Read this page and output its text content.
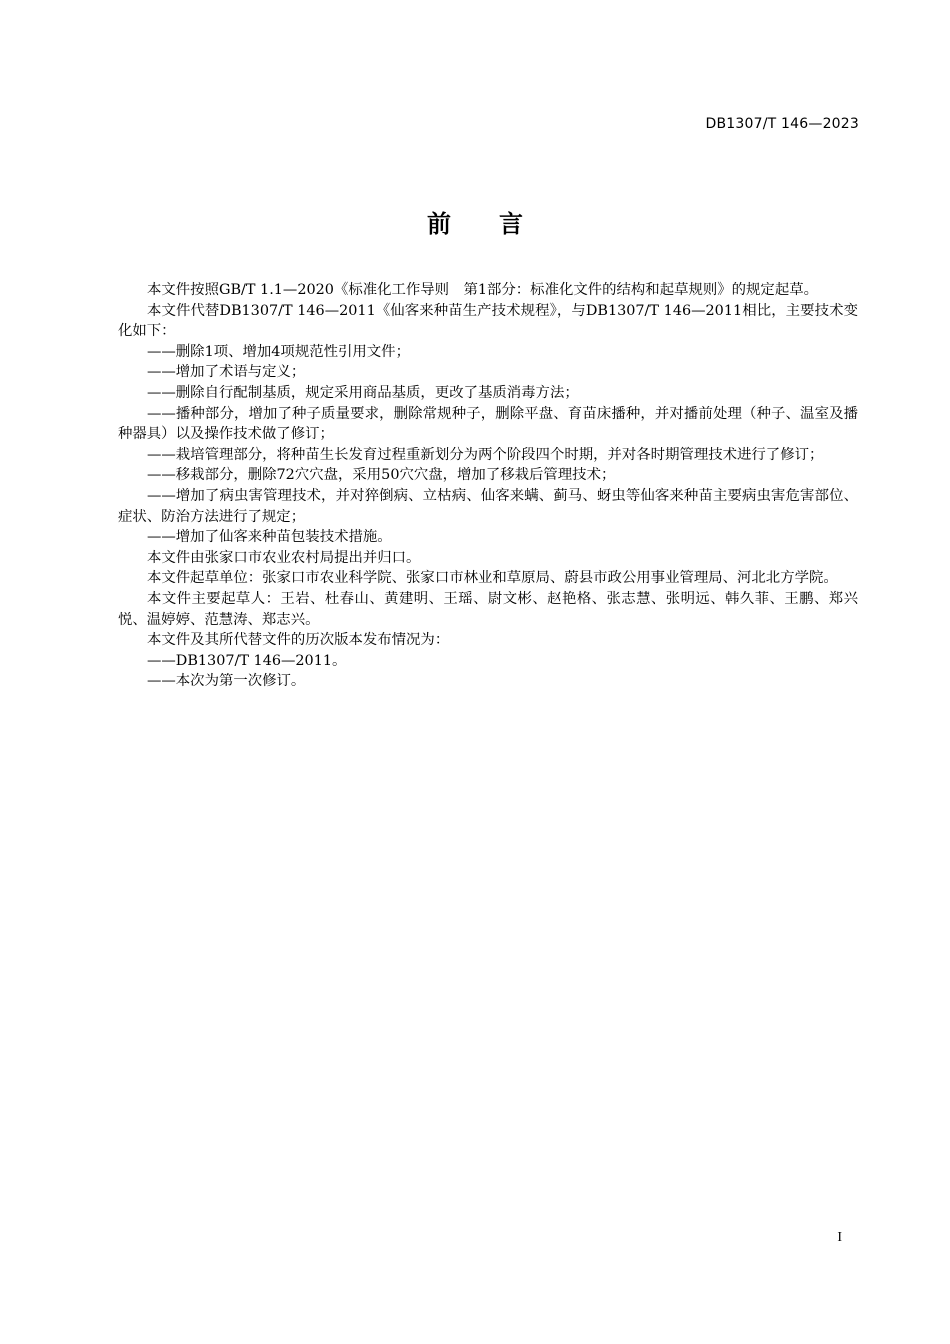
DB1307/T 146—2023
前言

本文件按照GB/T 1.1—2020《标准化工作导则　第1部分：标准化文件的结构和起草规则》的规定起草。

本文件代替DB1307/T 146—2011《仙客来种苗生产技术规程》，与DB1307/T 146—2011相比，主要技术变化如下：

——删除1项、增加4项规范性引用文件；

——增加了术语与定义；

——删除自行配制基质，规定采用商品基质，更改了基质消毒方法；

——播种部分，增加了种子质量要求，删除常规种子，删除平盘、育苗床播种，并对播前处理（种子、温室及播种器具）以及操作技术做了修订；

——栽培管理部分，将种苗生长发育过程重新划分为两个阶段四个时期，并对各时期管理技术进行了修订；

——移栽部分，删除72穴穴盘，采用50穴穴盘，增加了移栽后管理技术；

——增加了病虫害管理技术，并对猝倒病、立枯病、仙客来螨、蓟马、蚜虫等仙客来种苗主要病虫害危害部位、症状、防治方法进行了规定；

——增加了仙客来种苗包装技术措施。

本文件由张家口市农业农村局提出并归口。

本文件起草单位：张家口市农业科学院、张家口市林业和草原局、蔚县市政公用事业管理局、河北北方学院。

本文件主要起草人：王岩、杜春山、黄建明、王瑶、尉文彬、赵艳格、张志慧、张明远、韩久菲、王鹏、郑兴悦、温婷婷、范慧涛、郑志兴。

本文件及其所代替文件的历次版本发布情况为：

——DB1307/T 146—2011。

——本次为第一次修订。

I
